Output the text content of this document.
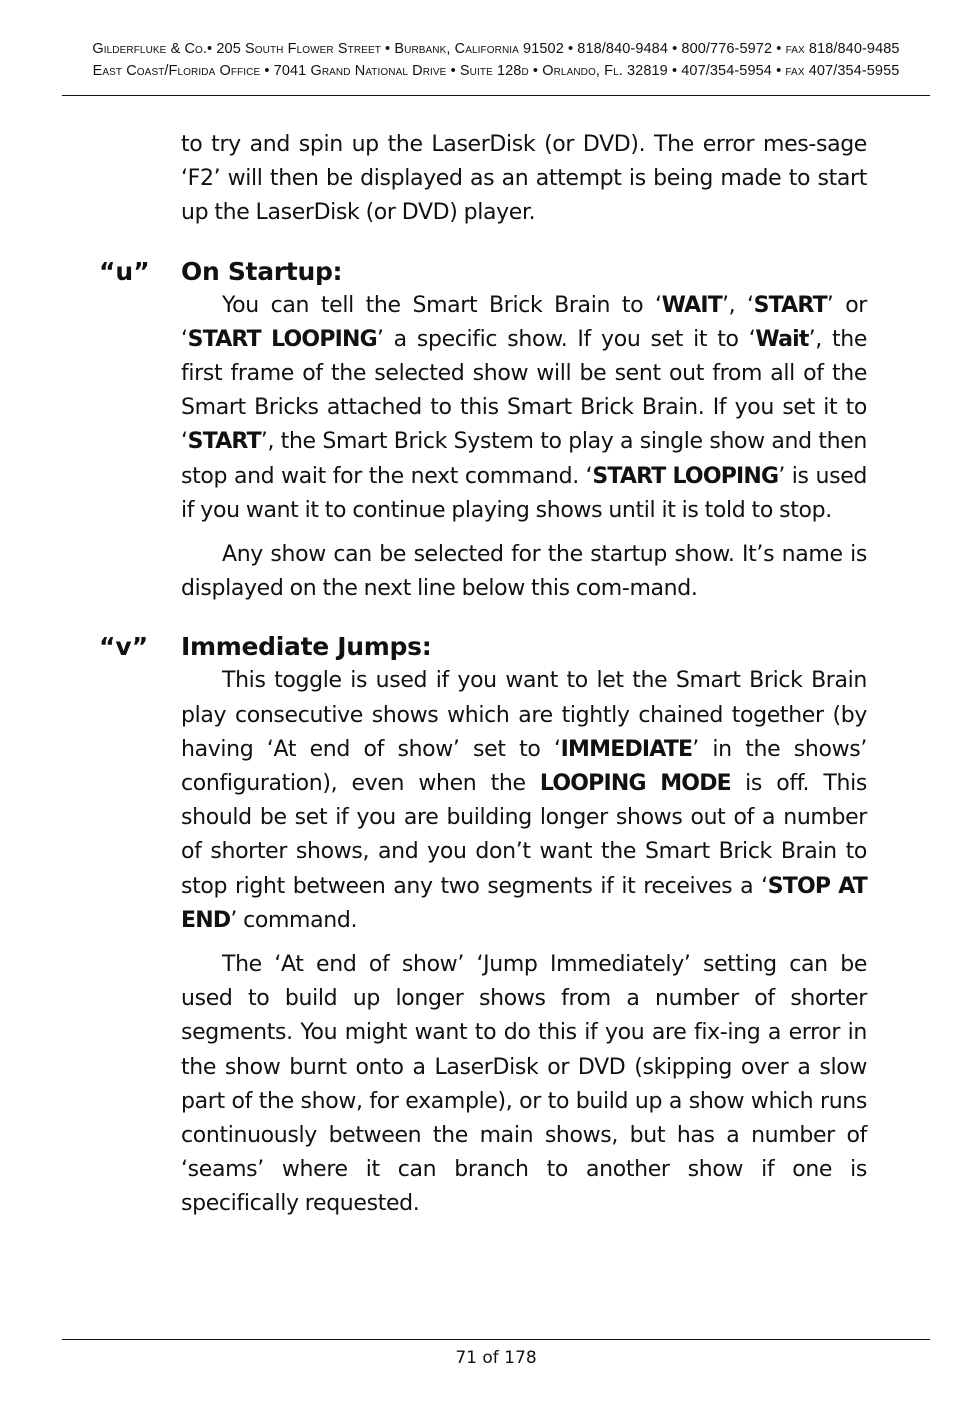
Gilderfluke & Co.• 205 South Flower Street • Burbank, California 91502 • 818/840-9484 • 800/776-5972 • fax 818/840-9485
East Coast/Florida Office • 7041 Grand National Drive • Suite 128d • Orlando, Fl. 32819 • 407/354-5954 • fax 407/354-5955

to try and spin up the LaserDisk (or DVD). The error mes-sage ‘F2’ will then be displayed as an attempt is being made to start up the LaserDisk (or DVD) player.

“u” On Startup:

You can tell the Smart Brick Brain to ‘WAIT’, ‘START’ or ‘START LOOPING’ a specific show. If you set it to ‘Wait’, the first frame of the selected show will be sent out from all of the Smart Bricks attached to this Smart Brick Brain. If you set it to ‘START’, the Smart Brick System to play a single show and then stop and wait for the next command. ‘START LOOPING’ is used if you want it to continue playing shows until it is told to stop.

Any show can be selected for the startup show. It’s name is displayed on the next line below this com-mand.

“v” Immediate Jumps:

This toggle is used if you want to let the Smart Brick Brain play consecutive shows which are tightly chained together (by having ‘At end of show’ set to ‘IMMEDIATE’ in the shows’ configuration), even when the LOOPING MODE is off. This should be set if you are building longer shows out of a number of shorter shows, and you don’t want the Smart Brick Brain to stop right between any two segments if it receives a ‘STOP AT END’ command.

The ‘At end of show’ ‘Jump Immediately’ setting can be used to build up longer shows from a number of shorter segments. You might want to do this if you are fix-ing a error in the show burnt onto a LaserDisk or DVD (skipping over a slow part of the show, for example), or to build up a show which runs continuously between the main shows, but has a number of ‘seams’ where it can branch to another show if one is specifically requested.

71 of 178
